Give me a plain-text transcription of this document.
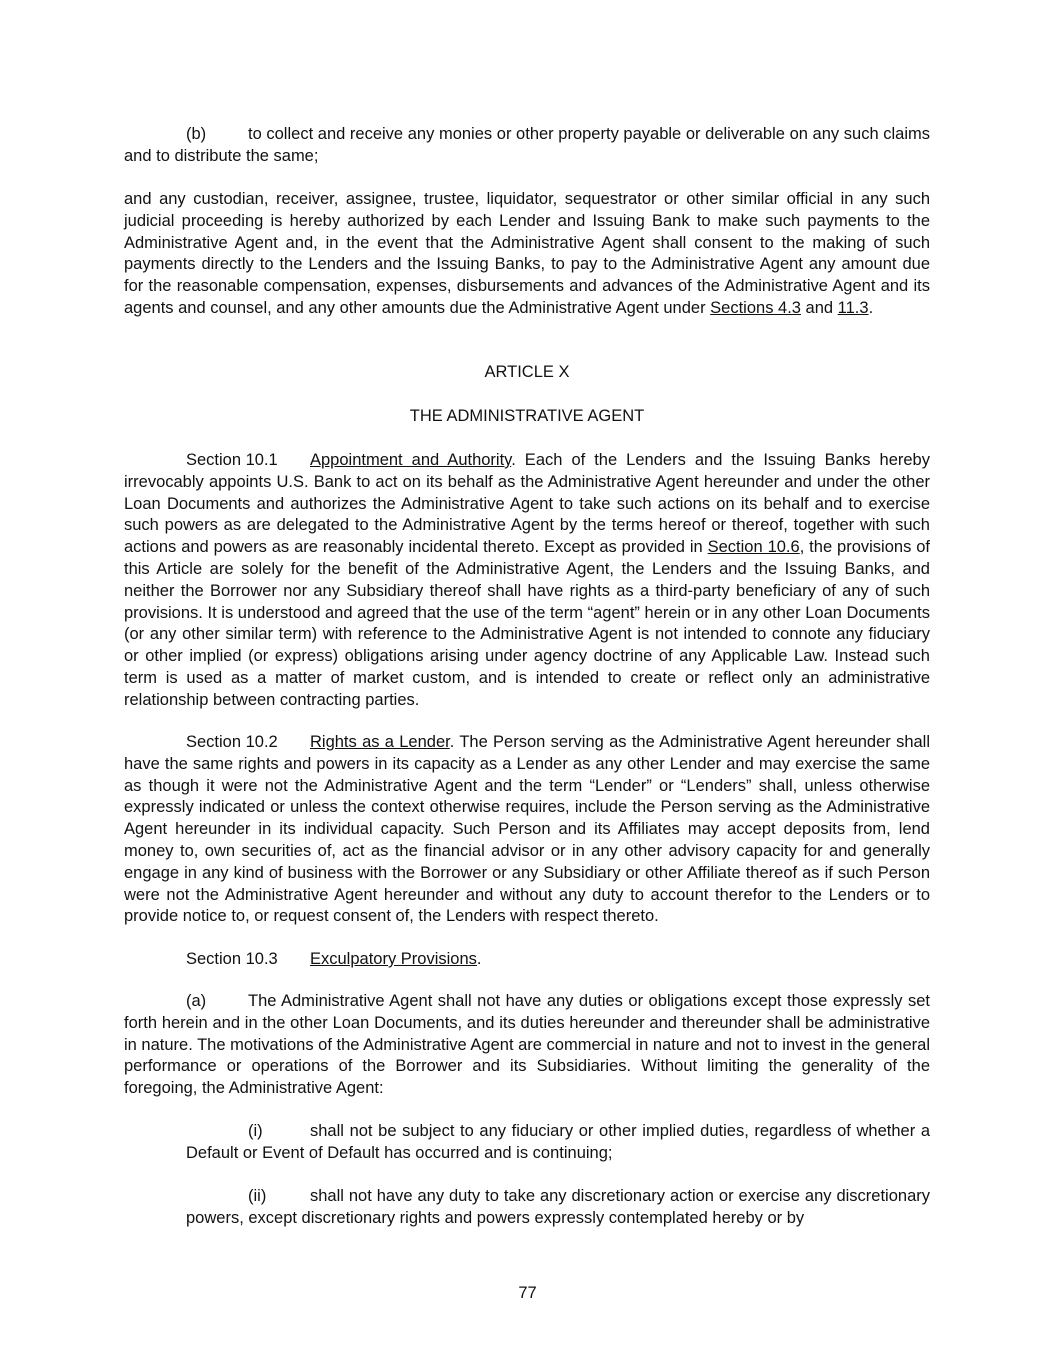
(b)	to collect and receive any monies or other property payable or deliverable on any such claims and to distribute the same;

and any custodian, receiver, assignee, trustee, liquidator, sequestrator or other similar official in any such judicial proceeding is hereby authorized by each Lender and Issuing Bank to make such payments to the Administrative Agent and, in the event that the Administrative Agent shall consent to the making of such payments directly to the Lenders and the Issuing Banks, to pay to the Administrative Agent any amount due for the reasonable compensation, expenses, disbursements and advances of the Administrative Agent and its agents and counsel, and any other amounts due the Administrative Agent under Sections 4.3 and 11.3.

ARTICLE X

THE ADMINISTRATIVE AGENT

Section 10.1 Appointment and Authority. Each of the Lenders and the Issuing Banks hereby irrevocably appoints U.S. Bank to act on its behalf as the Administrative Agent hereunder and under the other Loan Documents and authorizes the Administrative Agent to take such actions on its behalf and to exercise such powers as are delegated to the Administrative Agent by the terms hereof or thereof, together with such actions and powers as are reasonably incidental thereto. Except as provided in Section 10.6, the provisions of this Article are solely for the benefit of the Administrative Agent, the Lenders and the Issuing Banks, and neither the Borrower nor any Subsidiary thereof shall have rights as a third-party beneficiary of any of such provisions. It is understood and agreed that the use of the term “agent” herein or in any other Loan Documents (or any other similar term) with reference to the Administrative Agent is not intended to connote any fiduciary or other implied (or express) obligations arising under agency doctrine of any Applicable Law. Instead such term is used as a matter of market custom, and is intended to create or reflect only an administrative relationship between contracting parties.

Section 10.2 Rights as a Lender. The Person serving as the Administrative Agent hereunder shall have the same rights and powers in its capacity as a Lender as any other Lender and may exercise the same as though it were not the Administrative Agent and the term “Lender” or “Lenders” shall, unless otherwise expressly indicated or unless the context otherwise requires, include the Person serving as the Administrative Agent hereunder in its individual capacity. Such Person and its Affiliates may accept deposits from, lend money to, own securities of, act as the financial advisor or in any other advisory capacity for and generally engage in any kind of business with the Borrower or any Subsidiary or other Affiliate thereof as if such Person were not the Administrative Agent hereunder and without any duty to account therefor to the Lenders or to provide notice to, or request consent of, the Lenders with respect thereto.

Section 10.3 Exculpatory Provisions.

(a)	The Administrative Agent shall not have any duties or obligations except those expressly set forth herein and in the other Loan Documents, and its duties hereunder and thereunder shall be administrative in nature. The motivations of the Administrative Agent are commercial in nature and not to invest in the general performance or operations of the Borrower and its Subsidiaries. Without limiting the generality of the foregoing, the Administrative Agent:

(i)	shall not be subject to any fiduciary or other implied duties, regardless of whether a Default or Event of Default has occurred and is continuing;

(ii)	shall not have any duty to take any discretionary action or exercise any discretionary powers, except discretionary rights and powers expressly contemplated hereby or by

77
